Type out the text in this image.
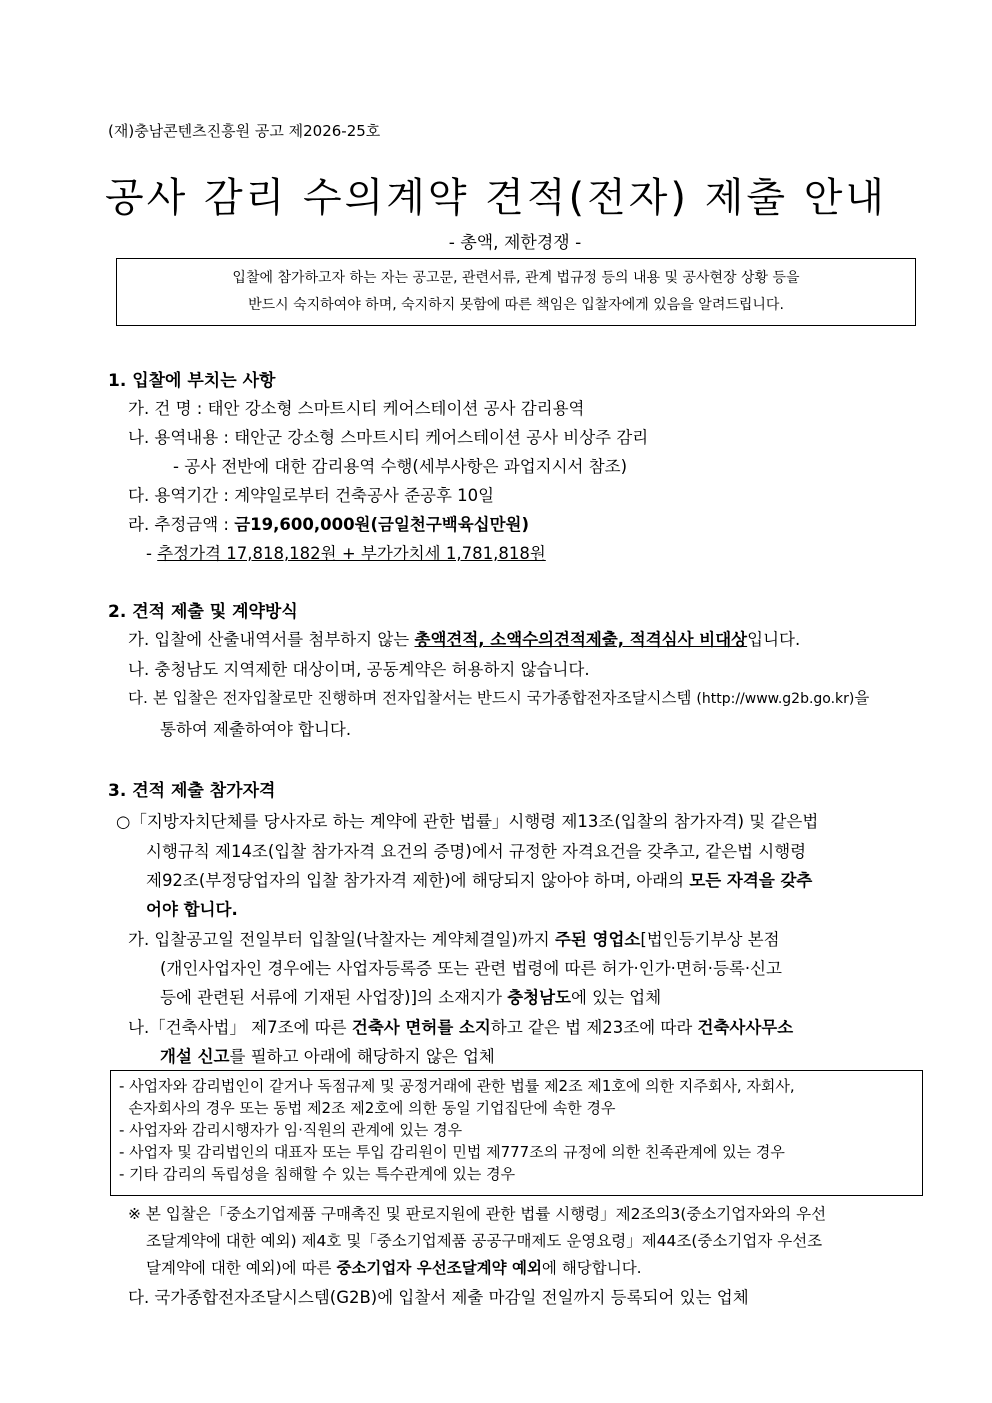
(재)충남콘텐츠진흥원 공고 제2026-25호
공사 감리 수의계약 견적(전자) 제출 안내
- 총액, 제한경쟁 -
입찰에 참가하고자 하는 자는 공고문, 관련서류, 관계 법규정 등의 내용 및 공사현장 상황 등을
반드시 숙지하여야 하며, 숙지하지 못함에 따른 책임은 입찰자에게 있음을 알려드립니다.
1. 입찰에 부치는 사항
가. 건 명 : 태안 강소형 스마트시티 케어스테이션 공사 감리용역
나. 용역내용 : 태안군 강소형 스마트시티 케어스테이션 공사 비상주 감리
- 공사 전반에 대한 감리용역 수행(세부사항은 과업지시서 참조)
다. 용역기간 : 계약일로부터 건축공사 준공후 10일
라. 추정금액 : 금19,600,000원(금일천구백육십만원)
- 추정가격 17,818,182원 + 부가가치세 1,781,818원
2. 견적 제출 및 계약방식
가. 입찰에 산출내역서를 첨부하지 않는 총액견적, 소액수의견적제출, 적격심사 비대상입니다.
나. 충청남도 지역제한 대상이며, 공동계약은 허용하지 않습니다.
다. 본 입찰은 전자입찰로만 진행하며 전자입찰서는 반드시 국가종합전자조달시스템 (http://www.g2b.go.kr)을
통하여 제출하여야 합니다.
3. 견적 제출 참가자격
○「지방자치단체를 당사자로 하는 계약에 관한 법률」시행령 제13조(입찰의 참가자격) 및 같은법
시행규칙 제14조(입찰 참가자격 요건의 증명)에서 규정한 자격요건을 갖추고, 같은법 시행령
제92조(부정당업자의 입찰 참가자격 제한)에 해당되지 않아야 하며, 아래의 모든 자격을 갖추
어야 합니다.
가. 입찰공고일 전일부터 입찰일(낙찰자는 계약체결일)까지 주된 영업소[법인등기부상 본점
(개인사업자인 경우에는 사업자등록증 또는 관련 법령에 따른 허가·인가·면허·등록·신고
등에 관련된 서류에 기재된 사업장)]의 소재지가 충청남도에 있는 업체
나.「건축사법」 제7조에 따른 건축사 면허를 소지하고 같은 법 제23조에 따라 건축사사무소
개설 신고를 필하고 아래에 해당하지 않은 업체
- 사업자와 감리법인이 같거나 독점규제 및 공정거래에 관한 법률 제2조 제1호에 의한 지주회사, 자회사,
손자회사의 경우 또는 동법 제2조 제2호에 의한 동일 기업집단에 속한 경우
- 사업자와 감리시행자가 임·직원의 관계에 있는 경우
- 사업자 및 감리법인의 대표자 또는 투입 감리원이 민법 제777조의 규정에 의한 친족관계에 있는 경우
- 기타 감리의 독립성을 침해할 수 있는 특수관계에 있는 경우
※ 본 입찰은「중소기업제품 구매촉진 및 판로지원에 관한 법률 시행령」제2조의3(중소기업자와의 우선
조달계약에 대한 예외) 제4호 및「중소기업제품 공공구매제도 운영요령」제44조(중소기업자 우선조
달계약에 대한 예외)에 따른 중소기업자 우선조달계약 예외에 해당합니다.
다. 국가종합전자조달시스템(G2B)에 입찰서 제출 마감일 전일까지 등록되어 있는 업체
